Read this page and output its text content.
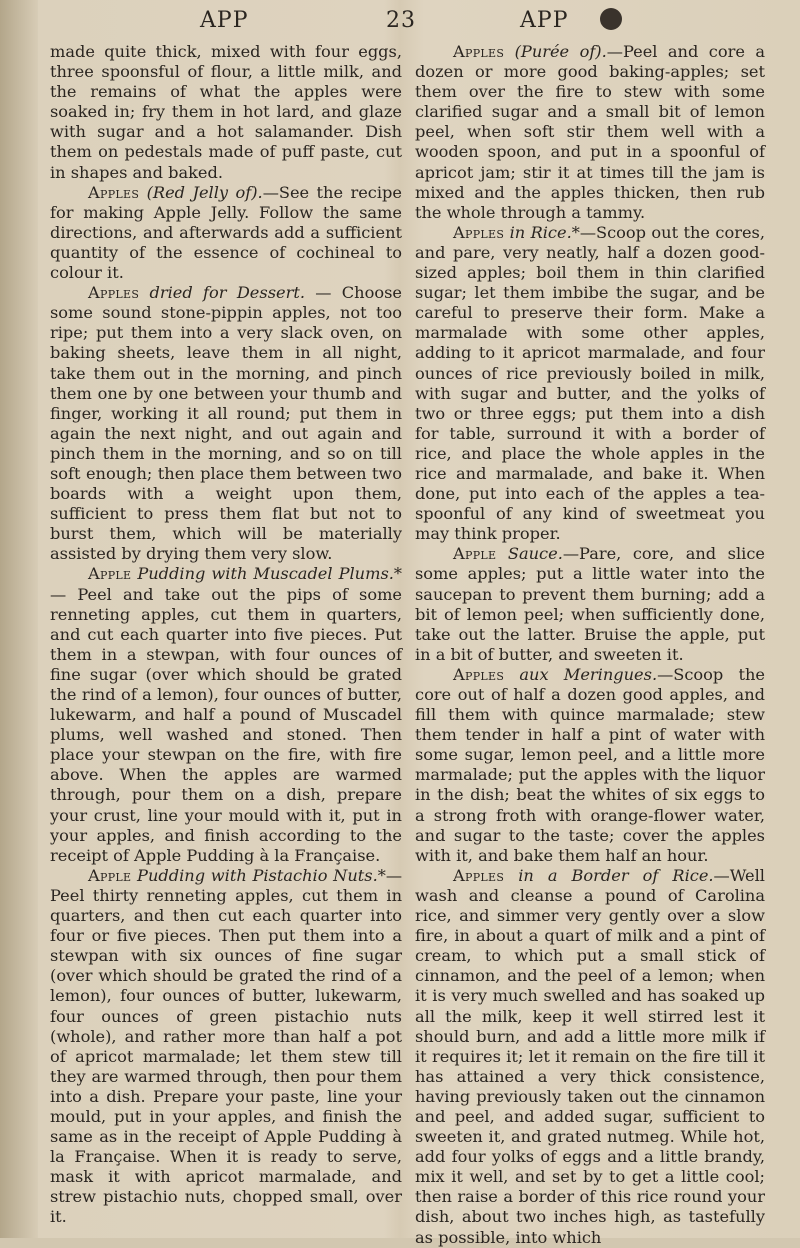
APP	23	APP

made quite thick, mixed with four eggs, three spoonsful of flour, a little milk, and the remains of what the apples were soaked in; fry them in hot lard, and glaze with sugar and a hot salamander. Dish them on pedestals made of puff paste, cut in shapes and baked.

Apples (Red Jelly of).—See the recipe for making Apple Jelly. Follow the same directions, and afterwards add a sufficient quantity of the essence of cochineal to colour it.

Apples dried for Dessert. — Choose some sound stone-pippin apples, not too ripe; put them into a very slack oven, on baking sheets, leave them in all night, take them out in the morning, and pinch them one by one between your thumb and finger, working it all round; put them in again the next night, and out again and pinch them in the morning, and so on till soft enough; then place them between two boards with a weight upon them, sufficient to press them flat but not to burst them, which will be materially assisted by drying them very slow.

Apple Pudding with Muscadel Plums.*— Peel and take out the pips of some renneting apples, cut them in quarters, and cut each quarter into five pieces. Put them in a stewpan, with four ounces of fine sugar (over which should be grated the rind of a lemon), four ounces of butter, lukewarm, and half a pound of Muscadel plums, well washed and stoned. Then place your stewpan on the fire, with fire above. When the apples are warmed through, pour them on a dish, prepare your crust, line your mould with it, put in your apples, and finish according to the receipt of Apple Pudding à la Française.

Apple Pudding with Pistachio Nuts.*— Peel thirty renneting apples, cut them in quarters, and then cut each quarter into four or five pieces. Then put them into a stewpan with six ounces of fine sugar (over which should be grated the rind of a lemon), four ounces of butter, lukewarm, four ounces of green pistachio nuts (whole), and rather more than half a pot of apricot marmalade; let them stew till they are warmed through, then pour them into a dish. Prepare your paste, line your mould, put in your apples, and finish the same as in the receipt of Apple Pudding à la Française. When it is ready to serve, mask it with apricot marmalade, and strew pistachio nuts, chopped small, over it.

Apples (Purée of).—Peel and core a dozen or more good baking-apples; set them over the fire to stew with some clarified sugar and a small bit of lemon peel, when soft stir them well with a wooden spoon, and put in a spoonful of apricot jam; stir it at times till the jam is mixed and the apples thicken, then rub the whole through a tammy.

Apples in Rice.*—Scoop out the cores, and pare, very neatly, half a dozen good-sized apples; boil them in thin clarified sugar; let them imbibe the sugar, and be careful to preserve their form. Make a marmalade with some other apples, adding to it apricot marmalade, and four ounces of rice previously boiled in milk, with sugar and butter, and the yolks of two or three eggs; put them into a dish for table, surround it with a border of rice, and place the whole apples in the rice and marmalade, and bake it. When done, put into each of the apples a tea-spoonful of any kind of sweetmeat you may think proper.

Apple Sauce.—Pare, core, and slice some apples; put a little water into the saucepan to prevent them burning; add a bit of lemon peel; when sufficiently done, take out the latter. Bruise the apple, put in a bit of butter, and sweeten it.

Apples aux Meringues.—Scoop the core out of half a dozen good apples, and fill them with quince marmalade; stew them tender in half a pint of water with some sugar, lemon peel, and a little more marmalade; put the apples with the liquor in the dish; beat the whites of six eggs to a strong froth with orange-flower water, and sugar to the taste; cover the apples with it, and bake them half an hour.

Apples in a Border of Rice.—Well wash and cleanse a pound of Carolina rice, and simmer very gently over a slow fire, in about a quart of milk and a pint of cream, to which put a small stick of cinnamon, and the peel of a lemon; when it is very much swelled and has soaked up all the milk, keep it well stirred lest it should burn, and add a little more milk if it requires it; let it remain on the fire till it has attained a very thick consistence, having previously taken out the cinnamon and peel, and added sugar, sufficient to sweeten it, and grated nutmeg. While hot, add four yolks of eggs and a little brandy, mix it well, and set by to get a little cool; then raise a border of this rice round your dish, about two inches high, as tastefully as possible, into which
